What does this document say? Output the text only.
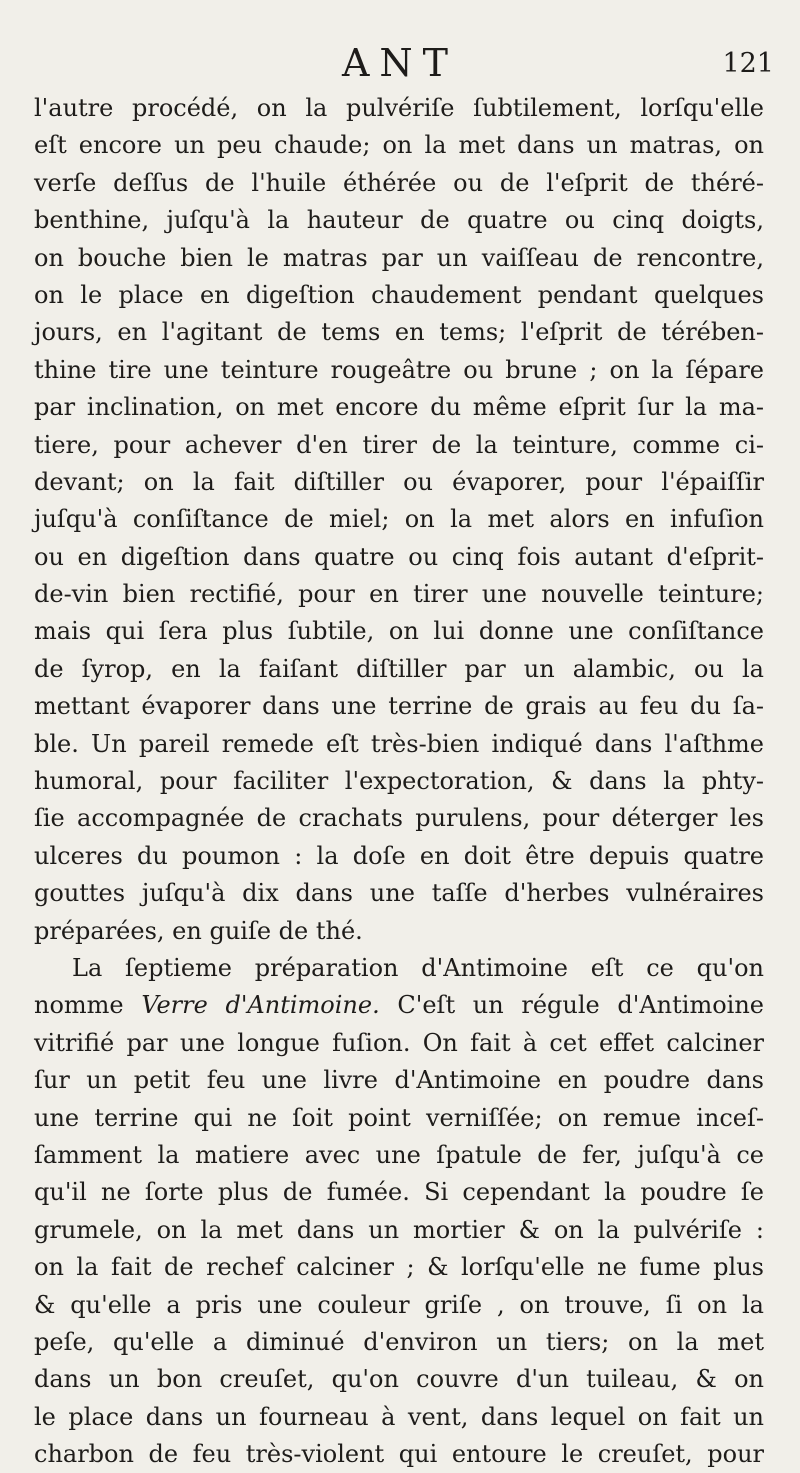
ANT	121
l'autre procédé, on la pulvériſe ſubtilement, lorſqu'elle
eſt encore un peu chaude; on la met dans un matras, on
verſe deſſus de l'huile éthérée ou de l'eſprit de théré-
benthine, juſqu'à la hauteur de quatre ou cinq doigts,
on bouche bien le matras par un vaiſſeau de rencontre,
on le place en digeſtion chaudement pendant quelques
jours, en l'agitant de tems en tems; l'eſprit de térében-
thine tire une teinture rougeâtre ou brune ; on la ſépare
par inclination, on met encore du même eſprit ſur la ma-
tiere, pour achever d'en tirer de la teinture, comme ci-
devant; on la fait diſtiller ou évaporer, pour l'épaiſſir
juſqu'à conſiſtance de miel; on la met alors en infuſion
ou en digeſtion dans quatre ou cinq fois autant d'eſprit-
de-vin bien rectifié, pour en tirer une nouvelle teinture;
mais qui ſera plus ſubtile, on lui donne une conſiſtance
de ſyrop, en la faiſant diſtiller par un alambic, ou la
mettant évaporer dans une terrine de grais au feu du ſa-
ble. Un pareil remede eſt très-bien indiqué dans l'aſthme
humoral, pour faciliter l'expectoration, & dans la phty-
ſie accompagnée de crachats purulens, pour déterger les
ulceres du poumon : la doſe en doit être depuis quatre
gouttes juſqu'à dix dans une taſſe d'herbes vulnéraires
préparées, en guiſe de thé.
La ſeptieme préparation d'Antimoine eſt ce qu'on
nomme Verre d'Antimoine. C'eſt un régule d'Antimoine
vitrifié par une longue fuſion. On fait à cet effet calciner
ſur un petit feu une livre d'Antimoine en poudre dans
une terrine qui ne ſoit point verniſſée; on remue inceſ-
ſamment la matiere avec une ſpatule de fer, juſqu'à ce
qu'il ne ſorte plus de fumée. Si cependant la poudre ſe
grumele, on la met dans un mortier & on la pulvériſe :
on la fait de rechef calciner ; & lorſqu'elle ne fume plus
& qu'elle a pris une couleur griſe , on trouve, ſi on la
peſe, qu'elle a diminué d'environ un tiers; on la met
dans un bon creuſet, qu'on couvre d'un tuileau, & on
le place dans un fourneau à vent, dans lequel on fait un
charbon de feu très-violent qui entoure le creuſet, pour
